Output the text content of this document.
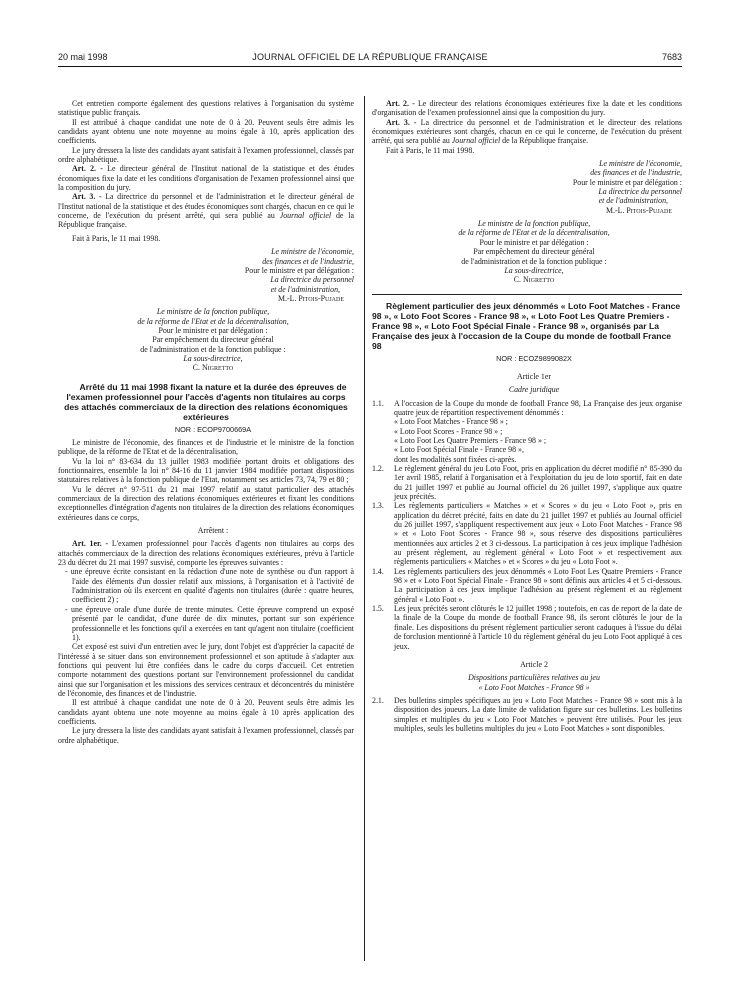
20 mai 1998	JOURNAL OFFICIEL DE LA RÉPUBLIQUE FRANÇAISE	7683

Cet entretien comporte également des questions relatives à l'organisation du système statistique public français.

Il est attribué à chaque candidat une note de 0 à 20. Peuvent seuls être admis les candidats ayant obtenu une note moyenne au moins égale à 10, après application des coefficients.

Le jury dressera la liste des candidats ayant satisfait à l'examen professionnel, classés par ordre alphabétique.

Art. 2. - Le directeur général de l'Institut national de la statistique et des études économiques fixe la date et les conditions d'organisation de l'examen professionnel ainsi que la composition du jury.

Art. 3. - La directrice du personnel et de l'administration et le directeur général de l'Institut national de la statistique et des études économiques sont chargés, chacun en ce qui le concerne, de l'exécution du présent arrêté, qui sera publié au Journal officiel de la République française.

Fait à Paris, le 11 mai 1998.

Le ministre de l'économie,

des finances et de l'industrie,

Pour le ministre et par délégation :

La directrice du personnel

et de l'administration,

M.-L. Pitois-Pujade

Le ministre de la fonction publique,

de la réforme de l'Etat et de la décentralisation,

Pour le ministre et par délégation :

Par empêchement du directeur général

de l'administration et de la fonction publique :

La sous-directrice,

C. Nigretto

Arrêté du 11 mai 1998 fixant la nature et la durée des épreuves de l'examen professionnel pour l'accès d'agents non titulaires au corps des attachés commerciaux de la direction des relations économiques extérieures

NOR : ECOP9700669A

Le ministre de l'économie, des finances et de l'industrie et le ministre de la fonction publique, de la réforme de l'Etat et de la décentralisation,

Vu la loi n° 83-634 du 13 juillet 1983 modifiée portant droits et obligations des fonctionnaires, ensemble la loi n° 84-16 du 11 janvier 1984 modifiée portant dispositions statutaires relatives à la fonction publique de l'Etat, notamment ses articles 73, 74, 79 et 80 ;

Vu le décret n° 97-511 du 21 mai 1997 relatif au statut particulier des attachés commerciaux de la direction des relations économiques extérieures et fixant les conditions exceptionnelles d'intégration d'agents non titulaires de la direction des relations économiques extérieures dans ce corps,

Arrêtent :

Art. 1er. - L'examen professionnel pour l'accès d'agents non titulaires au corps des attachés commerciaux de la direction des relations économiques extérieures, prévu à l'article 23 du décret du 21 mai 1997 susvisé, comporte les épreuves suivantes :

- une épreuve écrite consistant en la rédaction d'une note de synthèse ou d'un rapport à l'aide des éléments d'un dossier relatif aux missions, à l'organisation et à l'activité de l'administration où ils exercent en qualité d'agents non titulaires (durée : quatre heures, coefficient 2) ;

- une épreuve orale d'une durée de trente minutes. Cette épreuve comprend un exposé présenté par le candidat, d'une durée de dix minutes, portant sur son expérience professionnelle et les fonctions qu'il a exercées en tant qu'agent non titulaire (coefficient 1).

Cet exposé est suivi d'un entretien avec le jury, dont l'objet est d'apprécier la capacité de l'intéressé à se situer dans son environnement professionnel et son aptitude à s'adapter aux fonctions qui peuvent lui être confiées dans le cadre du corps d'accueil. Cet entretien comporte notamment des questions portant sur l'environnement professionnel du candidat ainsi que sur l'organisation et les missions des services centraux et déconcentrés du ministère de l'économie, des finances et de l'industrie.

Il est attribué à chaque candidat une note de 0 à 20. Peuvent seuls être admis les candidats ayant obtenu une note moyenne au moins égale à 10 après application des coefficients.

Le jury dressera la liste des candidats ayant satisfait à l'examen professionnel, classés par ordre alphabétique.

Art. 2. - Le directeur des relations économiques extérieures fixe la date et les conditions d'organisation de l'examen professionnel ainsi que la composition du jury.

Art. 3. - La directrice du personnel et de l'administration et le directeur des relations économiques extérieures sont chargés, chacun en ce qui le concerne, de l'exécution du présent arrêté, qui sera publié au Journal officiel de la République française.

Fait à Paris, le 11 mai 1998.

Le ministre de l'économie,

des finances et de l'industrie,

Pour le ministre et par délégation :

La directrice du personnel

et de l'administration,

M.-L. Pitois-Pujade

Le ministre de la fonction publique,

de la réforme de l'Etat et de la décentralisation,

Pour le ministre et par délégation :

Par empêchement du directeur général

de l'administration et de la fonction publique :

La sous-directrice,

C. Nigretto

Règlement particulier des jeux dénommés « Loto Foot Matches - France 98 », « Loto Foot Scores - France 98 », « Loto Foot Les Quatre Premiers - France 98 », « Loto Foot Spécial Finale - France 98 », organisés par La Française des jeux à l'occasion de la Coupe du monde de football France 98

NOR : ECOZ9899082X

Article 1er

Cadre juridique

1.1. A l'occasion de la Coupe du monde de football France 98, La Française des jeux organise quatre jeux de répartition respectivement dénommés :

« Loto Foot Matches - France 98 » ;

« Loto Foot Scores - France 98 » ;

« Loto Foot Les Quatre Premiers - France 98 » ;

« Loto Foot Spécial Finale - France 98 »,

dont les modalités sont fixées ci-après.

1.2. Le règlement général du jeu Loto Foot, pris en application du décret modifié n° 85-390 du 1er avril 1985, relatif à l'organisation et à l'exploitation du jeu de loto sportif, fait en date du 21 juillet 1997 et publié au Journal officiel du 26 juillet 1997, s'applique aux quatre jeux précités.

1.3. Les règlements particuliers « Matches » et « Scores » du jeu « Loto Foot », pris en application du décret précité, faits en date du 21 juillet 1997 et publiés au Journal officiel du 26 juillet 1997, s'appliquent respectivement aux jeux « Loto Foot Matches - France 98 » et « Loto Foot Scores - France 98 », sous réserve des dispositions particulières mentionnées aux articles 2 et 3 ci-dessous. La participation à ces jeux implique l'adhésion au présent règlement, au règlement général « Loto Foot » et respectivement aux règlements particuliers « Matches » et « Scores » du jeu « Loto Foot ».

1.4. Les règlements particuliers des jeux dénommés « Loto Foot Les Quatre Premiers - France 98 » et « Loto Foot Spécial Finale - France 98 » sont définis aux articles 4 et 5 ci-dessous. La participation à ces jeux implique l'adhésion au présent règlement et au règlement général « Loto Foot ».

1.5. Les jeux précités seront clôturés le 12 juillet 1998 ; toutefois, en cas de report de la date de la finale de la Coupe du monde de football France 98, ils seront clôturés le jour de la finale. Les dispositions du présent règlement particulier seront caduques à l'issue du délai de forclusion mentionné à l'article 10 du règlement général du jeu Loto Foot appliqué à ces jeux.

Article 2

Dispositions particulières relatives au jeu

« Loto Foot Matches - France 98 »

2.1. Des bulletins simples spécifiques au jeu « Loto Foot Matches - France 98 » sont mis à la disposition des joueurs. La date limite de validation figure sur ces bulletins. Les bulletins simples et multiples du jeu « Loto Foot Matches » peuvent être utilisés. Pour les jeux multiples, seuls les bulletins multiples du jeu « Loto Foot Matches » sont disponibles.
